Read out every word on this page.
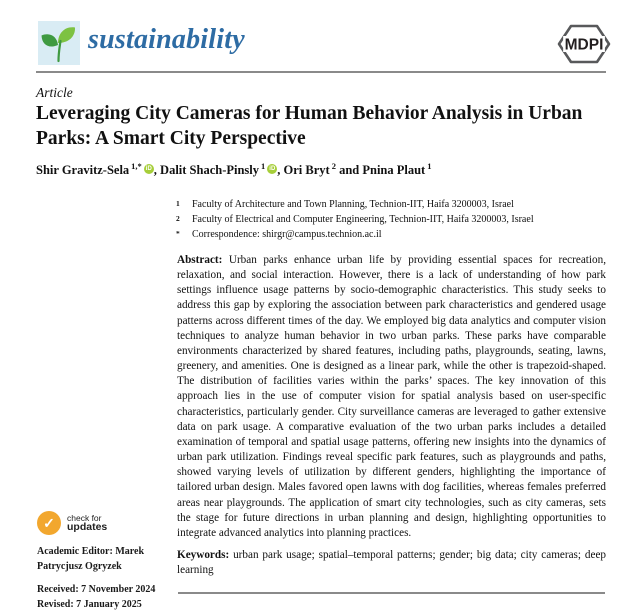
sustainability	MDPI
Article
Leveraging City Cameras for Human Behavior Analysis in Urban
Parks: A Smart City Perspective
Shir Gravitz-Sela $^{1,*}$ iD , Dalit Shach-Pinsly $^1$ iD , Ori Bryt $^2$ and Pnina Plaut $^1$
1	Faculty of Architecture and Town Planning, Technion-IIT, Haifa 3200003, Israel
2	Faculty of Electrical and Computer Engineering, Technion-IIT, Haifa 3200003, Israel
*	Correspondence: shirgr@campus.technion.ac.il
Abstract: Urban parks enhance urban life by providing essential spaces for recreation, relaxation, and social interaction. However, there is a lack of understanding of how park settings influence usage patterns by socio-demographic characteristics. This study seeks to address this gap by exploring the association between park characteristics and gendered usage patterns across different times of the day. We employed big data analytics and computer vision techniques to analyze human behavior in two urban parks. These parks have comparable environments characterized by shared features, including paths, playgrounds, seating, lawns, greenery, and amenities. One is designed as a linear park, while the other is trapezoid-shaped. The distribution of facilities varies within the parks’ spaces. The key innovation of this approach lies in the use of computer vision for spatial analysis based on user-specific characteristics, particularly gender. City surveillance cameras are leveraged to gather extensive data on park usage. A comparative evaluation of the two urban parks includes a detailed examination of temporal and spatial usage patterns, offering new insights into the dynamics of urban park utilization. Findings reveal specific park features, such as playgrounds and paths, showed varying levels of utilization by different genders, highlighting the importance of tailored urban design. Males favored open lawns with dog facilities, whereas females preferred areas near playgrounds. The application of smart city technologies, such as city cameras, sets the stage for future directions in urban planning and design, highlighting opportunities to integrate advanced analytics into planning practices.
Keywords: urban park usage; spatial–temporal patterns; gender; big data; city cameras; deep learning
✓ check for
updates
Academic Editor: Marek Patrycjusz Ogryzek
Received: 7 November 2024
Revised: 7 January 2025
